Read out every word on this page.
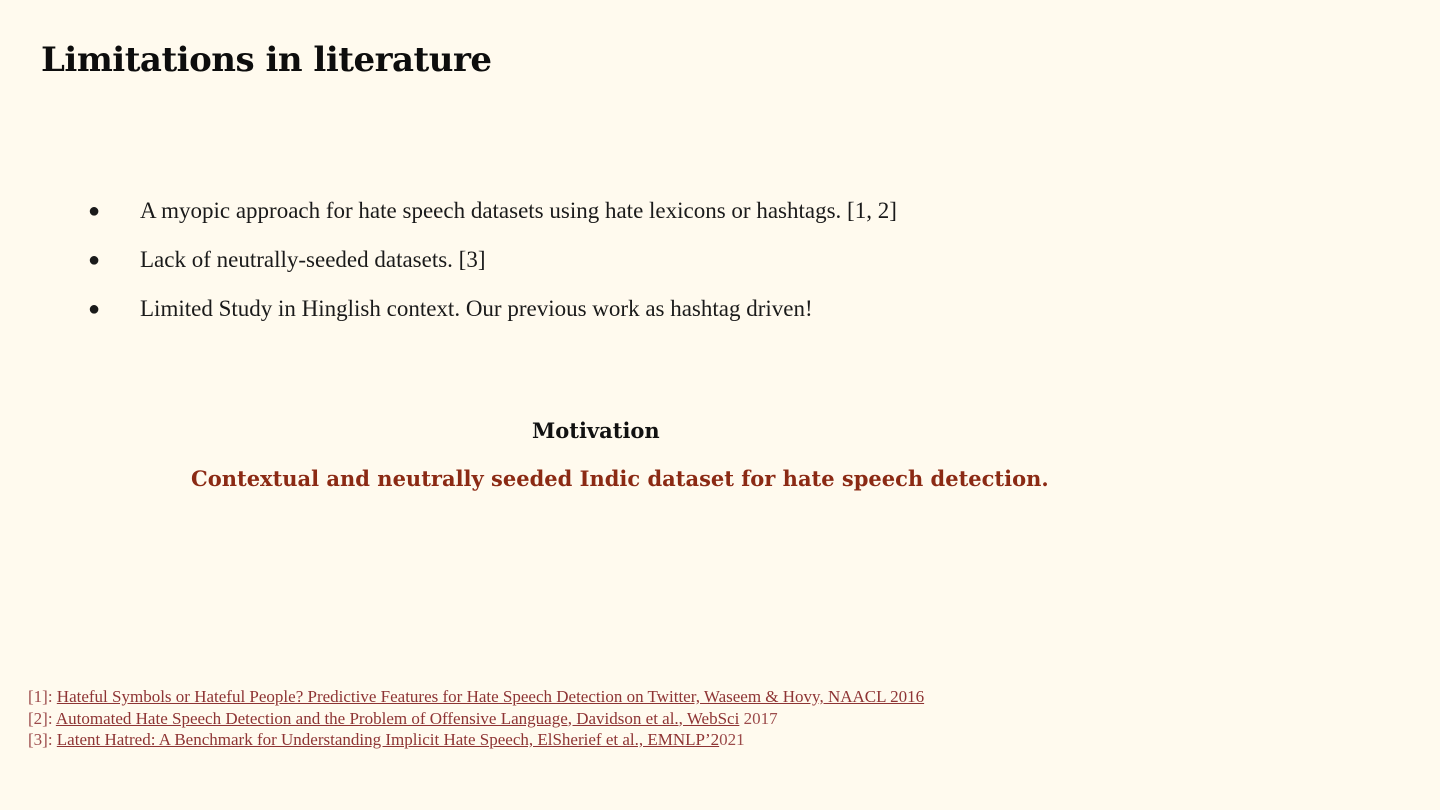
Limitations in literature
●	A myopic approach for hate speech datasets using hate lexicons or hashtags. [1, 2]
●	Lack of neutrally-seeded datasets. [3]
●	Limited Study in Hinglish context. Our previous work as hashtag driven!
Motivation

Contextual and neutrally seeded Indic dataset for hate speech detection.

[1]: Hateful Symbols or Hateful People? Predictive Features for Hate Speech Detection on Twitter, Waseem & Hovy, NAACL 2016
[2]: Automated Hate Speech Detection and the Problem of Offensive Language, Davidson et al., WebSci 2017
[3]: Latent Hatred: A Benchmark for Understanding Implicit Hate Speech, ElSherief et al., EMNLP’2021
